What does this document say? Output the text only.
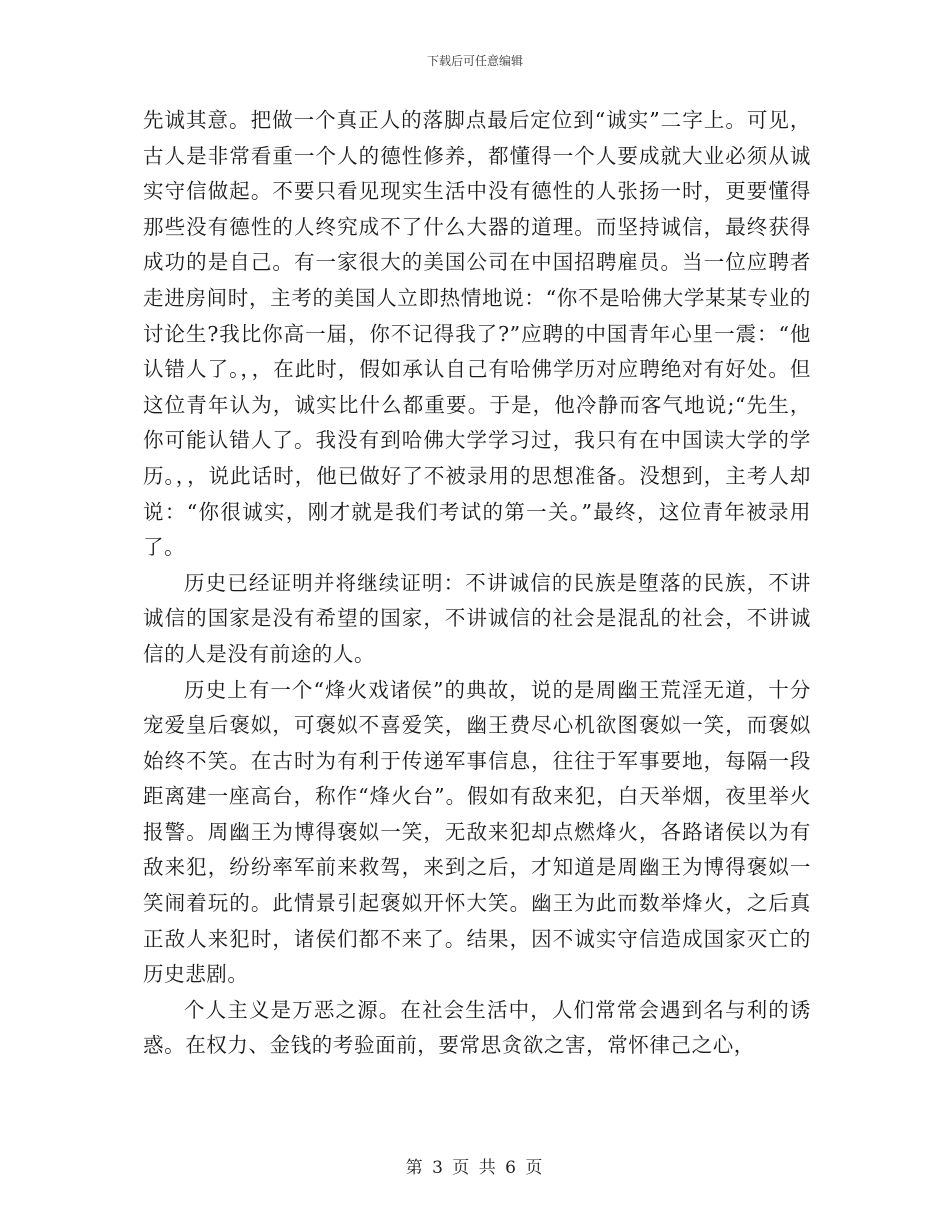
下载后可任意编辑

先诚其意。把做一个真正人的落脚点最后定位到“诚实”二字上。可见，古人是非常看重一个人的德性修养，都懂得一个人要成就大业必须从诚实守信做起。不要只看见现实生活中没有德性的人张扬一时，更要懂得那些没有德性的人终究成不了什么大器的道理。而坚持诚信，最终获得成功的是自己。有一家很大的美国公司在中国招聘雇员。当一位应聘者走进房间时，主考的美国人立即热情地说：“你不是哈佛大学某某专业的讨论生?我比你高一届，你不记得我了?”应聘的中国青年心里一震：“他认错人了。，，在此时，假如承认自己有哈佛学历对应聘绝对有好处。但这位青年认为，诚实比什么都重要。于是，他冷静而客气地说;“先生，你可能认错人了。我没有到哈佛大学学习过，我只有在中国读大学的学历。，，说此话时，他已做好了不被录用的思想准备。没想到，主考人却说：“你很诚实，刚才就是我们考试的第一关。”最终，这位青年被录用了。

历史已经证明并将继续证明：不讲诚信的民族是堕落的民族，不讲诚信的国家是没有希望的国家，不讲诚信的社会是混乱的社会，不讲诚信的人是没有前途的人。

历史上有一个“烽火戏诸侯”的典故，说的是周幽王荒淫无道，十分宠爱皇后褒姒，可褒姒不喜爱笑，幽王费尽心机欲图褒姒一笑，而褒姒始终不笑。在古时为有利于传递军事信息，往往于军事要地，每隔一段距离建一座高台，称作“烽火台”。假如有敌来犯，白天举烟，夜里举火报警。周幽王为博得褒姒一笑，无敌来犯却点燃烽火，各路诸侯以为有敌来犯，纷纷率军前来救驾，来到之后，才知道是周幽王为博得褒姒一笑闹着玩的。此情景引起褒姒开怀大笑。幽王为此而数举烽火，之后真正敌人来犯时，诸侯们都不来了。结果，因不诚实守信造成国家灭亡的历史悲剧。

个人主义是万恶之源。在社会生活中，人们常常会遇到名与利的诱惑。在权力、金钱的考验面前，要常思贪欲之害，常怀律己之心，

第 3 页 共 6 页
